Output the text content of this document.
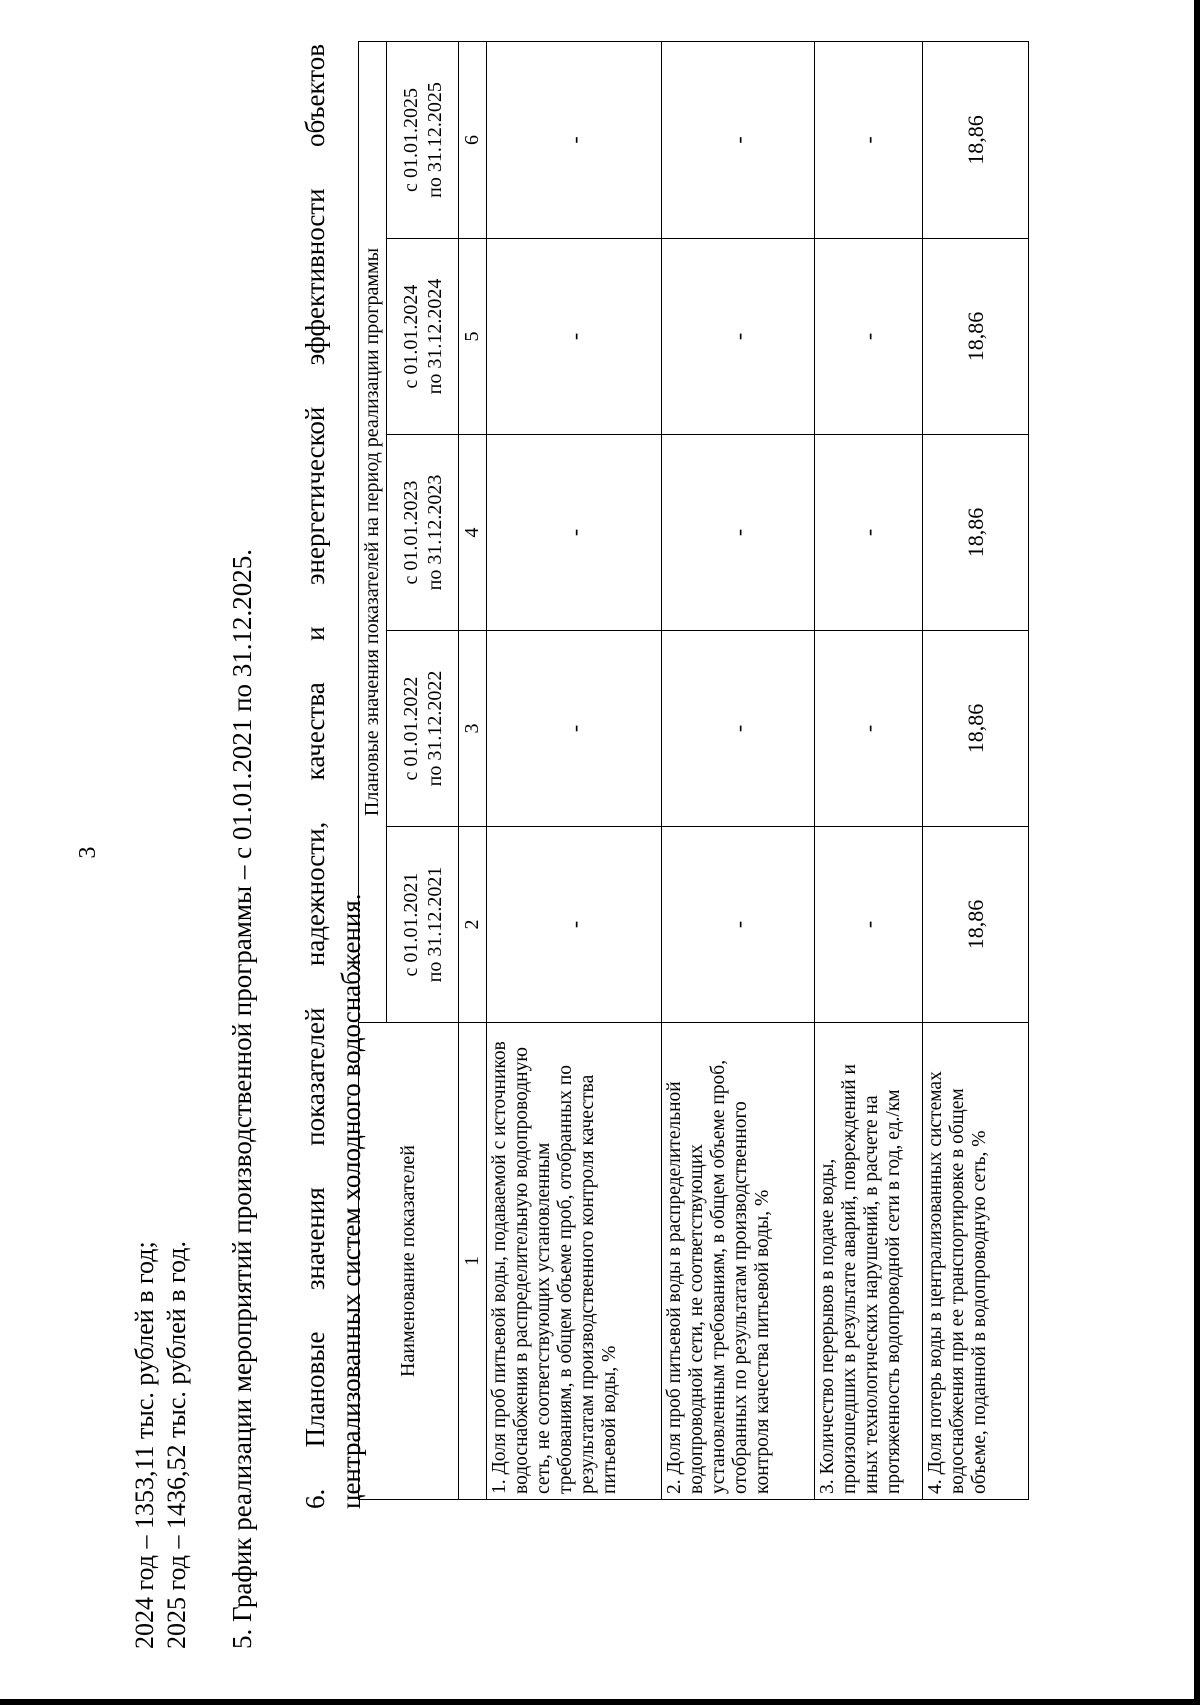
3
2024 год – 1353,11 тыс. рублей в год; 2025 год – 1436,52 тыс. рублей в год. 5. График реализации мероприятий производственной программы – с 01.01.2021 по 31.12.2025. 6.
Плановые
значения
показателей
надежности,
качества
и
энергетической
эффективности
объектов
централизованных систем холодного водоснабжения. Наименование показателей	Плановые значения показателей на период реализации программы				
	с 01.01.2021 по 31.12.2021	с 01.01.2022 по 31.12.2022	с 01.01.2023 по 31.12.2023	с 01.01.2024 по 31.12.2024	с 01.01.2025 по 31.12.2025
1	2	3	4	5	6
1. Доля проб питьевой воды, подаваемой с источников водоснабжения в распределительную водопроводную сеть, не соответствующих установленным требованиям, в общем объеме проб, отобранных по результатам производственного контроля качества питьевой воды, %	-	-	-	-	-
2. Доля проб питьевой воды в распределительной водопроводной сети, не соответствующих установленным требованиям, в общем объеме проб, отобранных по результатам производственного контроля качества питьевой воды, %	-	-	-	-	-
3. Количество перерывов в подаче воды, произошедших в результате аварий, повреждений и иных технологических нарушений, в расчете на протяженность водопроводной сети в год, ед./км	-	-	-	-	-
4. Доля потерь воды в централизованных системах водоснабжения при ее транспортировке в общем объеме, поданной в водопроводную сеть, %	18,86	18,86	18,86	18,86	18,86
